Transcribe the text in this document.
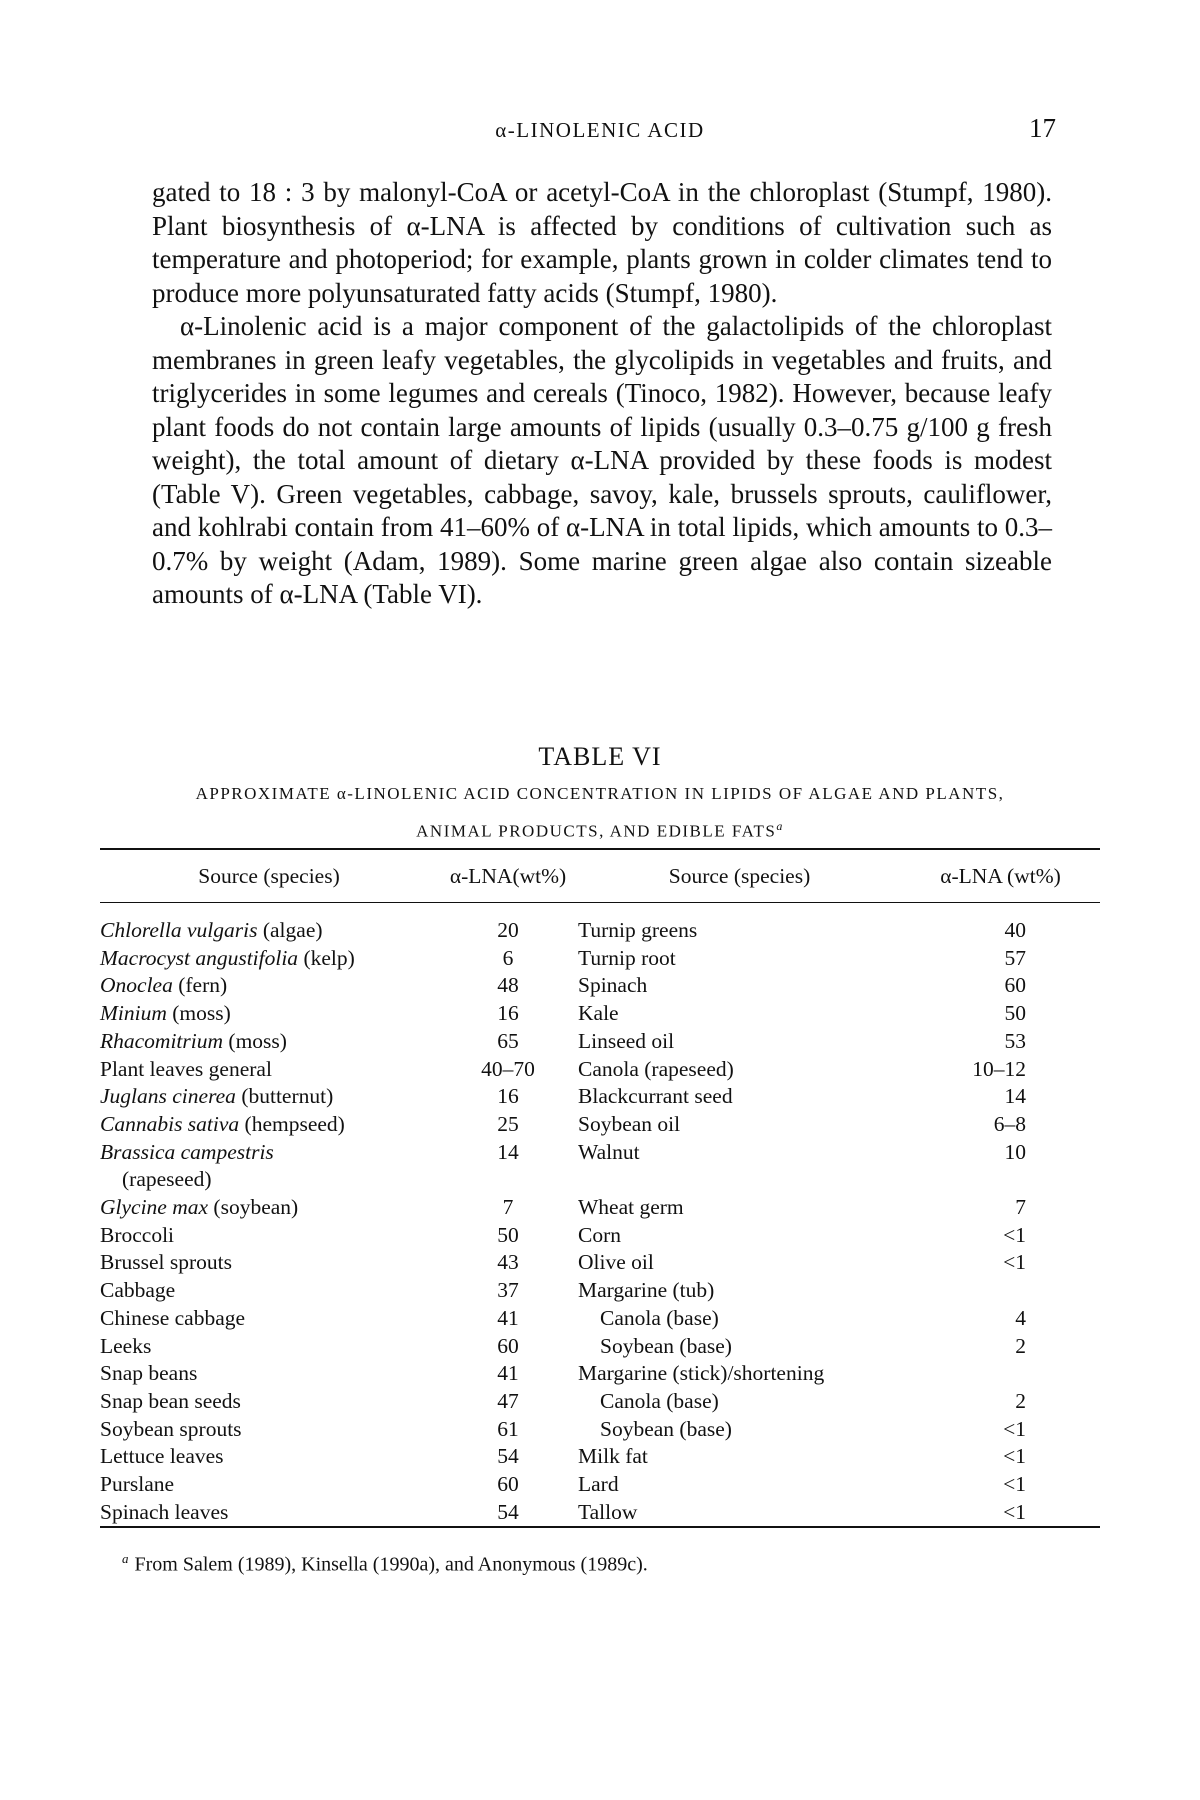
α-LINOLENIC ACID	17

gated to 18 : 3 by malonyl-CoA or acetyl-CoA in the chloroplast (Stumpf, 1980). Plant biosynthesis of α-LNA is affected by conditions of cultivation such as temperature and photoperiod; for example, plants grown in colder climates tend to produce more polyunsaturated fatty acids (Stumpf, 1980).

α-Linolenic acid is a major component of the galactolipids of the chloroplast membranes in green leafy vegetables, the glycolipids in vegetables and fruits, and triglycerides in some legumes and cereals (Tinoco, 1982). However, because leafy plant foods do not contain large amounts of lipids (usually 0.3–0.75 g/100 g fresh weight), the total amount of dietary α-LNA provided by these foods is modest (Table V). Green vegetables, cabbage, savoy, kale, brussels sprouts, cauliflower, and kohlrabi contain from 41–60% of α-LNA in total lipids, which amounts to 0.3–0.7% by weight (Adam, 1989). Some marine green algae also contain sizeable amounts of α-LNA (Table VI).

TABLE VI
APPROXIMATE α-LINOLENIC ACID CONCENTRATION IN LIPIDS OF ALGAE AND PLANTS,
ANIMAL PRODUCTS, AND EDIBLE FATS$^a$
Source (species)	α-LNA(wt%)	Source (species)	α-LNA (wt%)
Chlorella vulgaris (algae)	20	Turnip greens	40
Macrocyst angustifolia (kelp)	6	Turnip root	57
Onoclea (fern)	48	Spinach	60
Minium (moss)	16	Kale	50
Rhacomitrium (moss)	65	Linseed oil	53
Plant leaves general	40–70	Canola (rapeseed)	10–12
Juglans cinerea (butternut)	16	Blackcurrant seed	14
Cannabis sativa (hempseed)	25	Soybean oil	6–8
Brassica campestris
(rapeseed)	14	Walnut	10
Glycine max (soybean)	7	Wheat germ	7
Broccoli	50	Corn	<1
Brussel sprouts	43	Olive oil	<1
Cabbage	37	Margarine (tub)	
Chinese cabbage	41	Canola (base)	4
Leeks	60	Soybean (base)	2
Snap beans	41	Margarine (stick)/shortening	
Snap bean seeds	47	Canola (base)	2
Soybean sprouts	61	Soybean (base)	<1
Lettuce leaves	54	Milk fat	<1
Purslane	60	Lard	<1
Spinach leaves	54	Tallow	<1
$^a$ From Salem (1989), Kinsella (1990a), and Anonymous (1989c).
